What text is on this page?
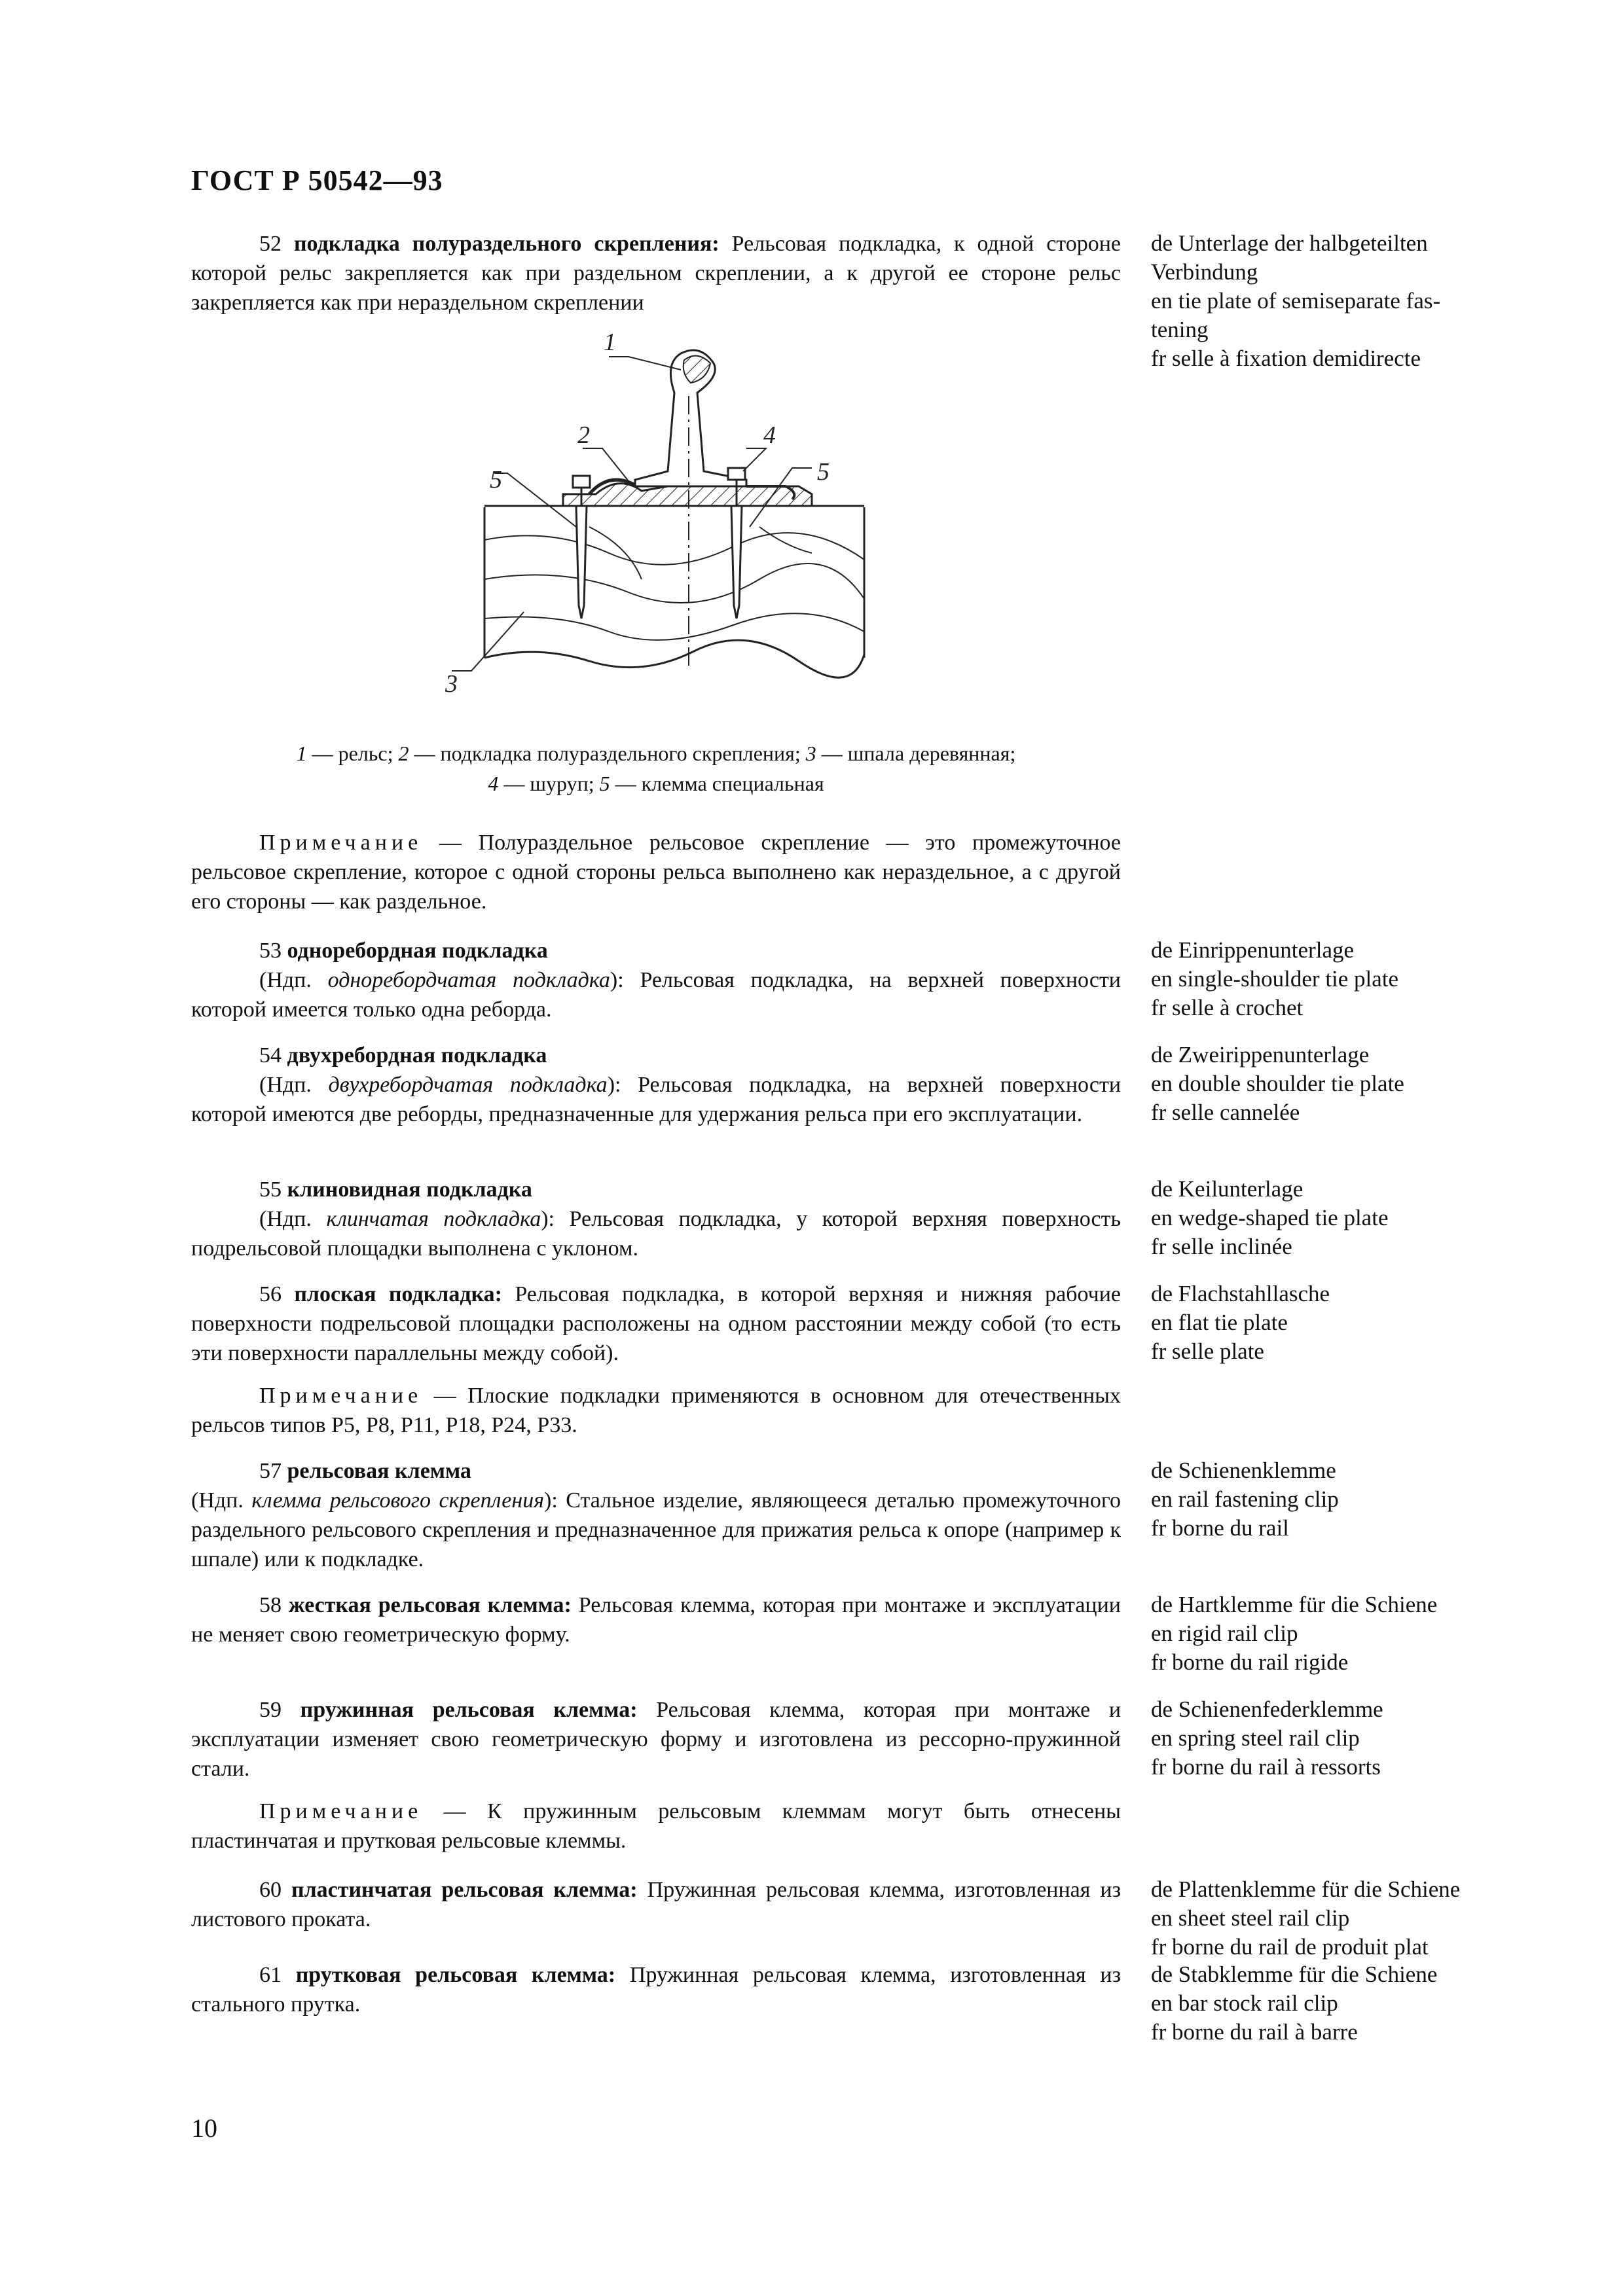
ГОСТ Р 50542—93
52 подкладка полураздельного скрепления: Рельсовая подкладка, к одной стороне которой рельс закрепляется как при раздельном скреплении, а к другой ее стороне рельс закрепляется как при нераздельном скреплении
de Unterlage der halbgeteilten
Verbindung
en tie plate of semiseparate fas-
tening
fr selle à fixation demidirecte
1
2
3
4
5	5
1 — рельс; 2 — подкладка полураздельного скрепления; 3 — шпала деревянная;
4 — шуруп; 5 — клемма специальная
Примечание — Полураздельное рельсовое скрепление — это промежуточное рельсовое скрепление, которое с одной стороны рельса выполнено как нераздельное, а с другой его стороны — как раздельное.
53 однореборднaя подкладка
(Ндп. одноребордчатая подкладка): Рельсовая подкладка, на верхней поверхности которой имеется только одна реборда.
de Einrippenunterlage
en single-shoulder tie plate
fr selle à crochet
54 двухребордная подкладка
(Ндп. двухребордчатая подкладка): Рельсовая подкладка, на верхней поверхности которой имеются две реборды, предназначенные для удержания рельса при его эксплуатации.
de Zweirippenunterlage
en double shoulder tie plate
fr selle cannelée
55 клиновидная подкладка
(Ндп. клинчатая подкладка): Рельсовая подкладка, у которой верхняя поверхность подрельсовой площадки выполнена с уклоном.
de Keilunterlage
en wedge-shaped tie plate
fr selle inclinée
56 плоская подкладка: Рельсовая подкладка, в которой верхняя и нижняя рабочие поверхности подрельсовой площадки расположены на одном расстоянии между собой (то есть эти поверхности параллельны между собой).
de Flachstahllasche
en flat tie plate
fr selle plate
Примечание — Плоские подкладки применяются в основном для отечественных рельсов типов Р5, Р8, Р11, Р18, Р24, Р33.
57 рельсовая клемма
(Ндп. клемма рельсового скрепления): Стальное изделие, являющееся деталью промежуточного раздельного рельсового скрепления и предназначенное для прижатия рельса к опоре (например к шпале) или к подкладке.
de Schienenklemme
en rail fastening clip
fr borne du rail
58 жесткая рельсовая клемма: Рельсовая клемма, которая при монтаже и эксплуатации не меняет свою геометрическую форму.
de Hartklemme für die Schiene
en rigid rail clip
fr borne du rail rigide
59 пружинная рельсовая клемма: Рельсовая клемма, которая при монтаже и эксплуатации изменяет свою геометрическую форму и изготовлена из рессорно-пружинной стали.
de Schienenfederklemme
en spring steel rail clip
fr borne du rail à ressorts
Примечание — К пружинным рельсовым клеммам могут быть отнесены пластинчатая и прутковая рельсовые клеммы.
60 пластинчатая рельсовая клемма: Пружинная рельсовая клемма, изготовленная из листового проката.
de Plattenklemme für die Schiene
en sheet steel rail clip
fr borne du rail de produit plat
61 прутковая рельсовая клемма: Пружинная рельсовая клемма, изготовленная из стального прутка.
de Stabklemme für die Schiene
en bar stock rail clip
fr borne du rail à barre
10
